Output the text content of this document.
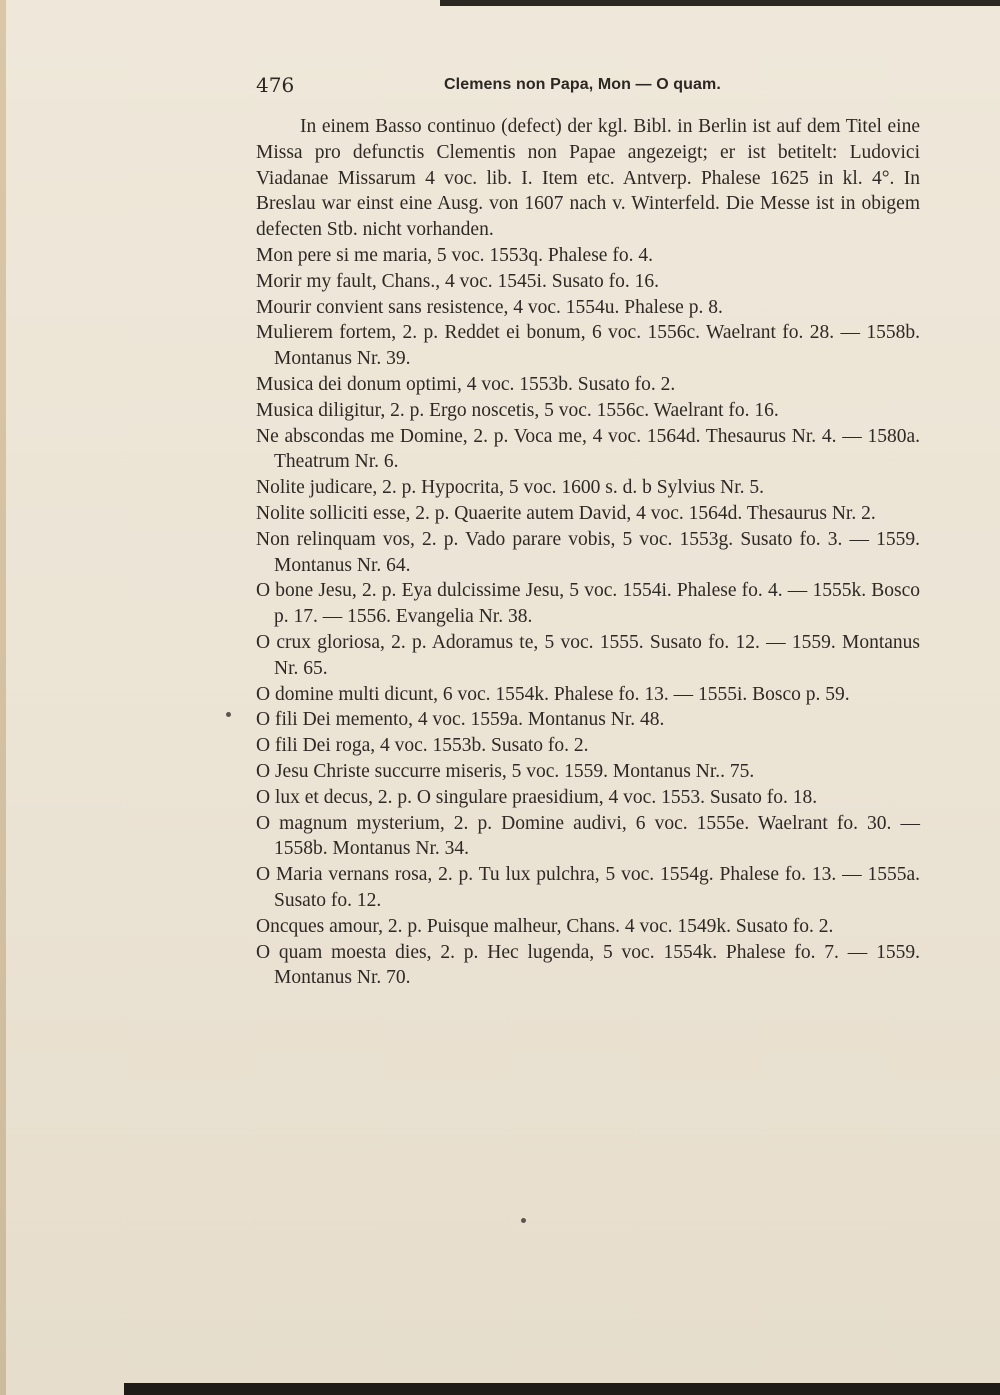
476	Clemens non Papa, Mon — O quam.

In einem Basso continuo (defect) der kgl. Bibl. in Berlin ist auf dem Titel eine Missa pro defunctis Clementis non Papae angezeigt; er ist betitelt: Ludovici Viadanae Missarum 4 voc. lib. I. Item etc. Antverp. Phalese 1625 in kl. 4°. In Breslau war einst eine Ausg. von 1607 nach v. Winterfeld. Die Messe ist in obigem defecten Stb. nicht vorhanden.

Mon pere si me maria, 5 voc. 1553q. Phalese fo. 4.
Morir my fault, Chans., 4 voc. 1545i. Susato fo. 16.
Mourir convient sans resistence, 4 voc. 1554u. Phalese p. 8.
Mulierem fortem, 2. p. Reddet ei bonum, 6 voc. 1556c. Waelrant fo. 28. — 1558b. Montanus Nr. 39.
Musica dei donum optimi, 4 voc. 1553b. Susato fo. 2.
Musica diligitur, 2. p. Ergo noscetis, 5 voc. 1556c. Waelrant fo. 16.
Ne abscondas me Domine, 2. p. Voca me, 4 voc. 1564d. Thesaurus Nr. 4. — 1580a. Theatrum Nr. 6.
Nolite judicare, 2. p. Hypocrita, 5 voc. 1600 s. d. b Sylvius Nr. 5.
Nolite solliciti esse, 2. p. Quaerite autem David, 4 voc. 1564d. Thesaurus Nr. 2.
Non relinquam vos, 2. p. Vado parare vobis, 5 voc. 1553g. Susato fo. 3. — 1559. Montanus Nr. 64.
O bone Jesu, 2. p. Eya dulcissime Jesu, 5 voc. 1554i. Phalese fo. 4. — 1555k. Bosco p. 17. — 1556. Evangelia Nr. 38.
O crux gloriosa, 2. p. Adoramus te, 5 voc. 1555. Susato fo. 12. — 1559. Montanus Nr. 65.
O domine multi dicunt, 6 voc. 1554k. Phalese fo. 13. — 1555i. Bosco p. 59.
O fili Dei memento, 4 voc. 1559a. Montanus Nr. 48.
O fili Dei roga, 4 voc. 1553b. Susato fo. 2.
O Jesu Christe succurre miseris, 5 voc. 1559. Montanus Nr.. 75.
O lux et decus, 2. p. O singulare praesidium, 4 voc. 1553. Susato fo. 18.
O magnum mysterium, 2. p. Domine audivi, 6 voc. 1555e. Waelrant fo. 30. — 1558b. Montanus Nr. 34.
O Maria vernans rosa, 2. p. Tu lux pulchra, 5 voc. 1554g. Phalese fo. 13. — 1555a. Susato fo. 12.
Oncques amour, 2. p. Puisque malheur, Chans. 4 voc. 1549k. Susato fo. 2.
O quam moesta dies, 2. p. Hec lugenda, 5 voc. 1554k. Phalese fo. 7. — 1559. Montanus Nr. 70.
